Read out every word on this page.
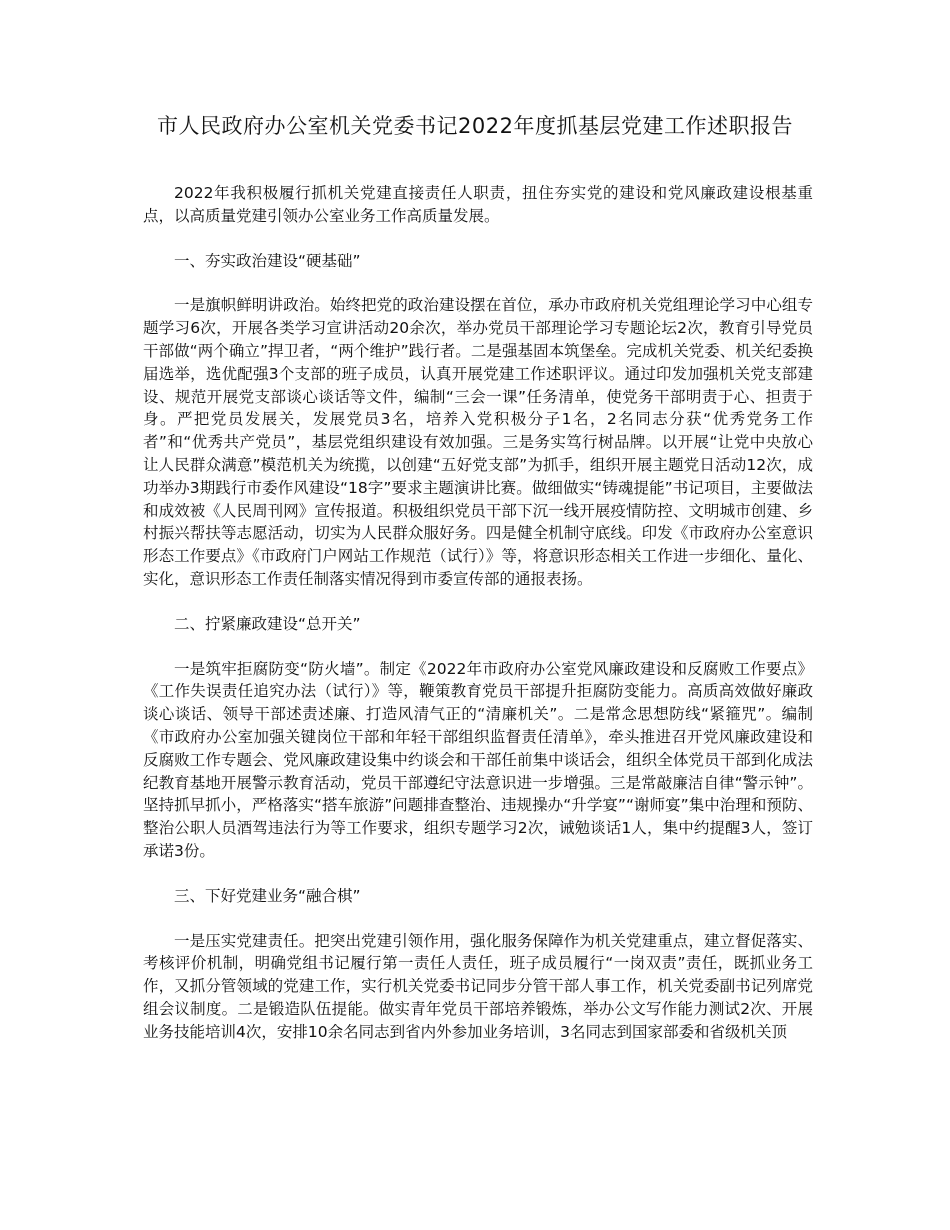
市人民政府办公室机关党委书记2022年度抓基层党建工作述职报告

2022年我积极履行抓机关党建直接责任人职责，扭住夯实党的建设和党风廉政建设根基重点，以高质量党建引领办公室业务工作高质量发展。

一、夯实政治建设“硬基础”

一是旗帜鲜明讲政治。始终把党的政治建设摆在首位，承办市政府机关党组理论学习中心组专题学习6次，开展各类学习宣讲活动20余次，举办党员干部理论学习专题论坛2次，教育引导党员干部做“两个确立”捍卫者，“两个维护”践行者。二是强基固本筑堡垒。完成机关党委、机关纪委换届选举，选优配强3个支部的班子成员，认真开展党建工作述职评议。通过印发加强机关党支部建设、规范开展党支部谈心谈话等文件，编制“三会一课”任务清单，使党务干部明责于心、担责于身。严把党员发展关，发展党员3名，培养入党积极分子1名，2名同志分获“优秀党务工作者”和“优秀共产党员”，基层党组织建设有效加强。三是务实笃行树品牌。以开展“让党中央放心 让人民群众满意”模范机关为统揽，以创建“五好党支部”为抓手，组织开展主题党日活动12次，成功举办3期践行市委作风建设“18字”要求主题演讲比赛。做细做实“铸魂提能”书记项目，主要做法和成效被《人民周刊网》宣传报道。积极组织党员干部下沉一线开展疫情防控、文明城市创建、乡村振兴帮扶等志愿活动，切实为人民群众服好务。四是健全机制守底线。印发《市政府办公室意识形态工作要点》《市政府门户网站工作规范（试行）》等，将意识形态相关工作进一步细化、量化、实化，意识形态工作责任制落实情况得到市委宣传部的通报表扬。

二、拧紧廉政建设“总开关”

一是筑牢拒腐防变“防火墙”。制定《2022年市政府办公室党风廉政建设和反腐败工作要点》《工作失误责任追究办法（试行）》等，鞭策教育党员干部提升拒腐防变能力。高质高效做好廉政谈心谈话、领导干部述责述廉、打造风清气正的“清廉机关”。二是常念思想防线“紧箍咒”。编制《市政府办公室加强关键岗位干部和年轻干部组织监督责任清单》，牵头推进召开党风廉政建设和反腐败工作专题会、党风廉政建设集中约谈会和干部任前集中谈话会，组织全体党员干部到化成法纪教育基地开展警示教育活动，党员干部遵纪守法意识进一步增强。三是常敲廉洁自律“警示钟”。坚持抓早抓小，严格落实“搭车旅游”问题排查整治、违规操办“升学宴”“谢师宴”集中治理和预防、整治公职人员酒驾违法行为等工作要求，组织专题学习2次，诫勉谈话1人，集中约提醒3人，签订承诺3份。

三、下好党建业务“融合棋”

一是压实党建责任。把突出党建引领作用，强化服务保障作为机关党建重点，建立督促落实、考核评价机制，明确党组书记履行第一责任人责任，班子成员履行“一岗双责”责任，既抓业务工作，又抓分管领域的党建工作，实行机关党委书记同步分管干部人事工作，机关党委副书记列席党组会议制度。二是锻造队伍提能。做实青年党员干部培养锻炼，举办公文写作能力测试2次、开展业务技能培训4次，安排10余名同志到省内外参加业务培训，3名同志到国家部委和省级机关顶
